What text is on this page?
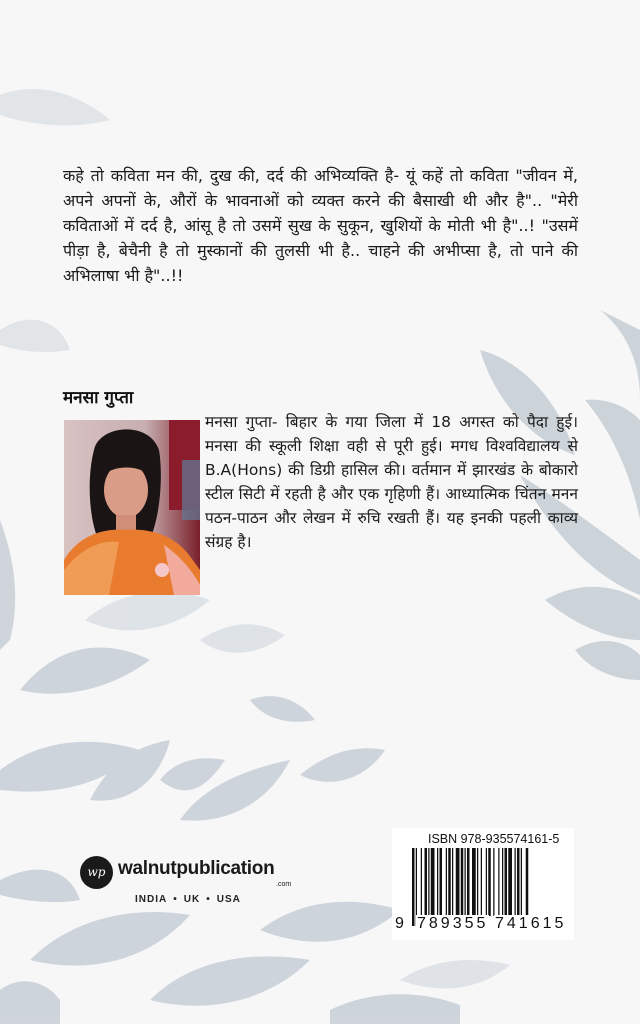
कहे तो कविता मन की, दुख की, दर्द की अभिव्यक्ति है- यूं कहें तो कविता "जीवन में, अपने अपनों के, औरों के भावनाओं को व्यक्त करने की बैसाखी थी और है".. "मेरी कविताओं में दर्द है, आंसू है तो उसमें सुख के सुकून, खुशियों के मोती भी है"..! "उसमें पीड़ा है, बेचैनी है तो मुस्कानों की तुलसी भी है.. चाहने की अभीप्सा है, तो पाने की अभिलाषा भी है"..!!
मनसा गुप्ता
मनसा गुप्ता- बिहार के गया जिला में 18 अगस्त को पैदा हुई। मनसा की स्कूली शिक्षा वही से पूरी हुई। मगध विश्वविद्यालय से B.A(Hons) की डिग्री हासिल की। वर्तमान में झारखंड के बोकारो स्टील सिटी में रहती है और एक गृहिणी हैं। आध्यात्मिक चिंतन मनन पठन-पाठन और लेखन में रुचि रखती हैं। यह इनकी पहली काव्य संग्रह है।
wp walnutpublication
.com
INDIA • UK • USA
ISBN 978-935574161-5
9 789355 741615
